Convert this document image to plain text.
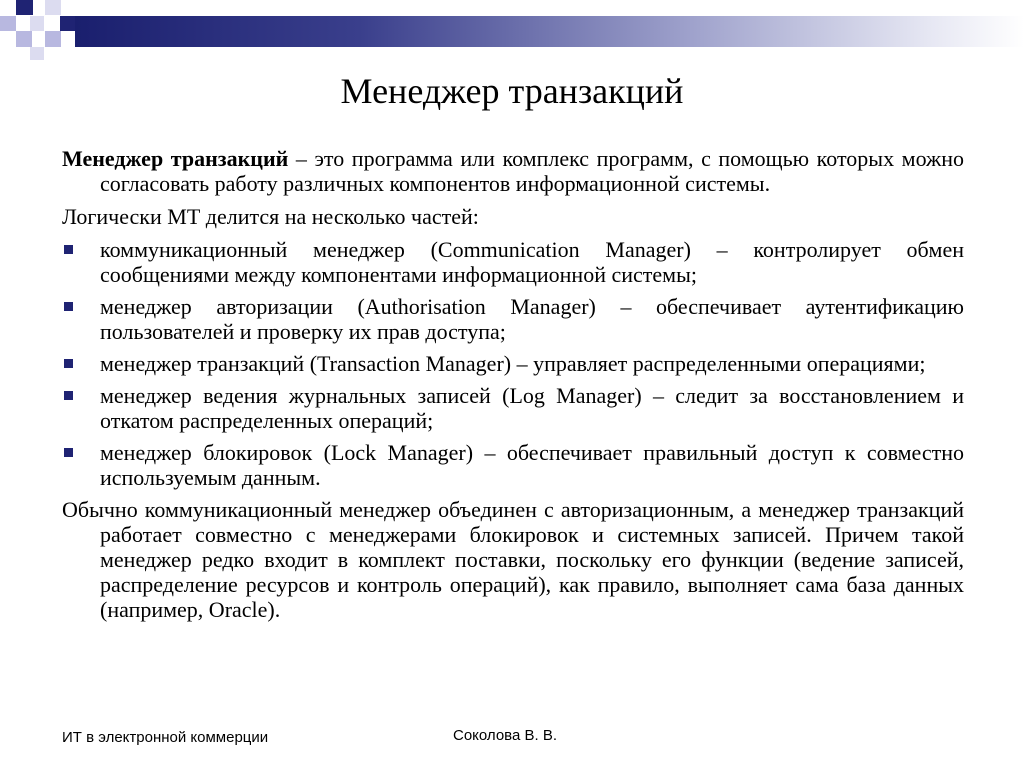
Менеджер транзакций

Менеджер транзакций – это программа или комплекс программ, с помощью которых можно согласовать работу различных компонентов информационной системы.

Логически МТ делится на несколько частей:

коммуникационный менеджер (Communication Manager) – контролирует обмен сообщениями между компонентами информационной системы;
менеджер авторизации (Authorisation Manager) – обеспечивает аутентификацию пользователей и проверку их прав доступа;
менеджер транзакций (Transaction Manager) – управляет распределенными операциями;
менеджер ведения журнальных записей (Log Manager) – следит за восстановлением и откатом распределенных операций;
менеджер блокировок (Lock Manager) – обеспечивает правильный доступ к совместно используемым данным.

Обычно коммуникационный менеджер объединен с авторизационным, а менеджер транзакций работает совместно с менеджерами блокировок и системных записей. Причем такой менеджер редко входит в комплект поставки, поскольку его функции (ведение записей, распределение ресурсов и контроль операций), как правило, выполняет сама база данных (например, Oracle).

ИТ в электронной коммерции	Соколова В. В.
